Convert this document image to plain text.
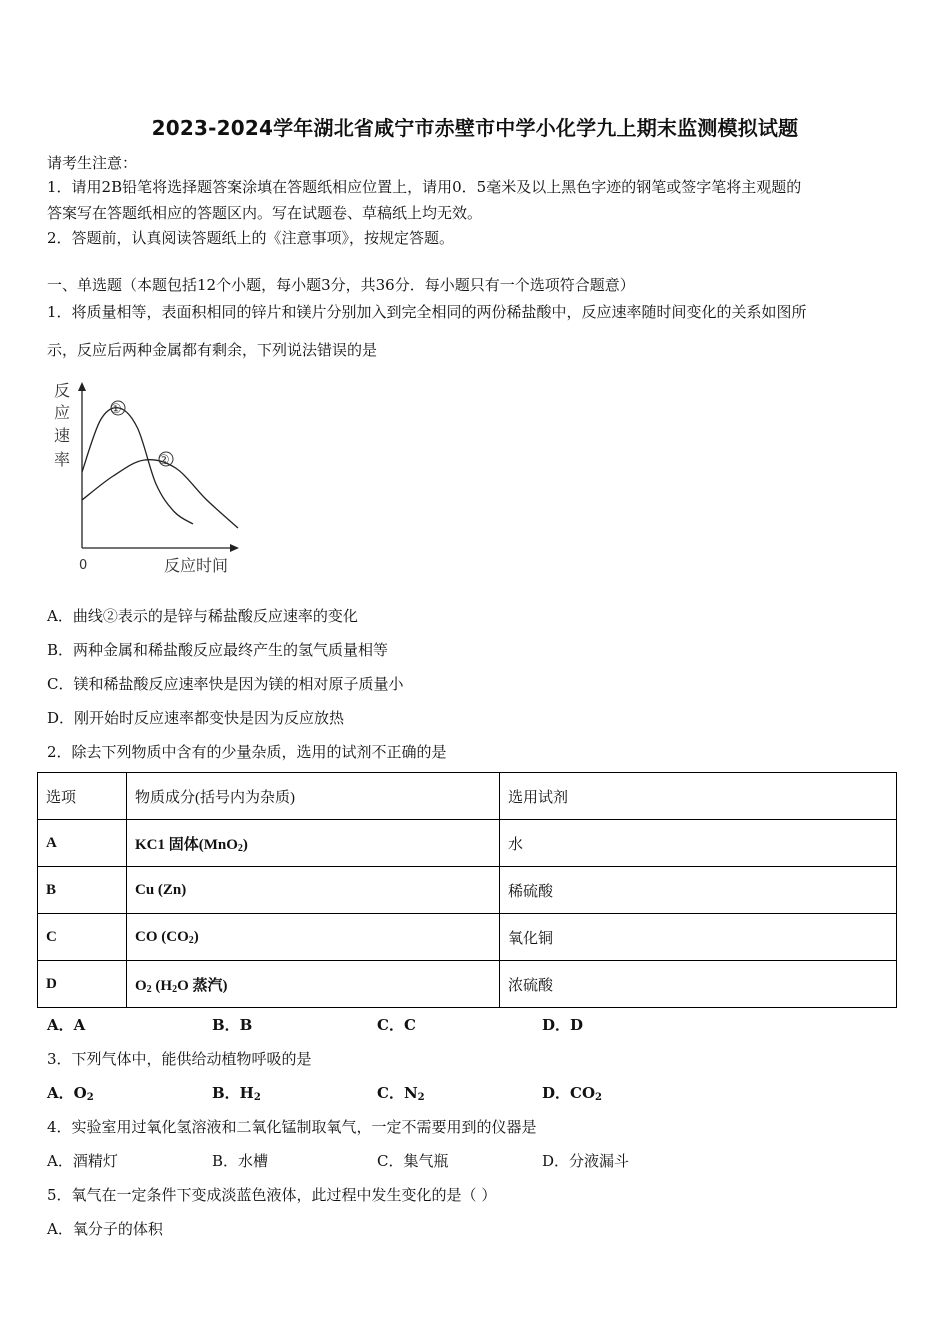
2023-2024学年湖北省咸宁市赤壁市中学小化学九上期末监测模拟试题
请考生注意：
1．请用2B铅笔将选择题答案涂填在答题纸相应位置上，请用0．5毫米及以上黑色字迹的钢笔或签字笔将主观题的
答案写在答题纸相应的答题区内。写在试题卷、草稿纸上均无效。
2．答题前，认真阅读答题纸上的《注意事项》，按规定答题。
一、单选题（本题包括12个小题，每小题3分，共36分．每小题只有一个选项符合题意）
1．将质量相等，表面积相同的锌片和镁片分别加入到完全相同的两份稀盐酸中，反应速率随时间变化的关系如图所
示，反应后两种金属都有剩余，下列说法错误的是
反
应
速
率
0	反应时间
①
②
A．曲线②表示的是锌与稀盐酸反应速率的变化
B．两种金属和稀盐酸反应最终产生的氢气质量相等
C．镁和稀盐酸反应速率快是因为镁的相对原子质量小
D．刚开始时反应速率都变快是因为反应放热
2．除去下列物质中含有的少量杂质，选用的试剂不正确的是
选项	物质成分(括号内为杂质)	选用试剂
A	KC1 固体(MnO$_2$)	水
B	Cu (Zn)	稀硫酸
C	CO $(CO_2)$	氧化铜
D	$O_2$ ($H_2O$ 蒸汽)	浓硫酸
A．A	B．B	C．C	D．D
3．下列气体中，能供给动植物呼吸的是
A．$O_2$	B．$H_2$	C．$N_2$	D．$CO_2$
4．实验室用过氧化氢溶液和二氧化锰制取氧气，一定不需要用到的仪器是
A．酒精灯	B．水槽	C．集气瓶	D．分液漏斗
5．氧气在一定条件下变成淡蓝色液体，此过程中发生变化的是（ ）
A．氧分子的体积
